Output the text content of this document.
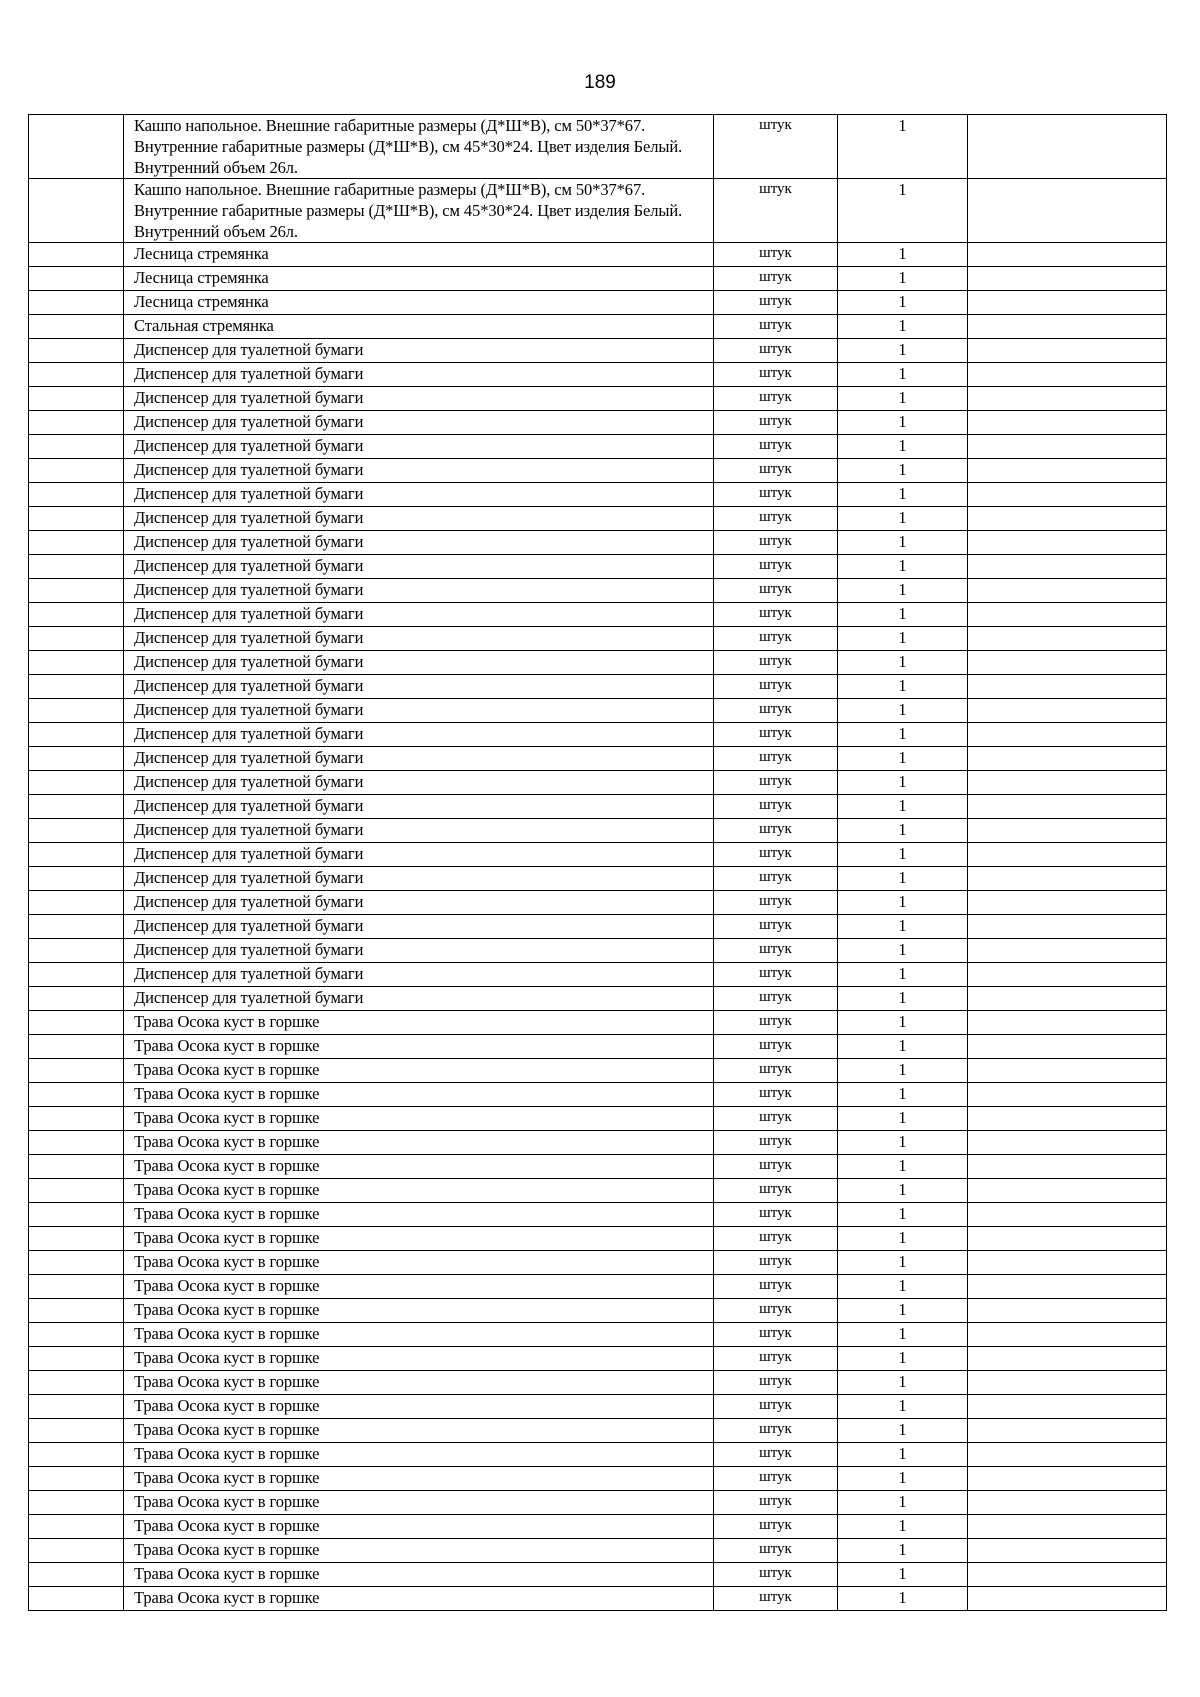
189
	Кашпо напольное. Внешние габаритные размеры (Д*Ш*В), см 50*37*67. Внутренние габаритные размеры (Д*Ш*В), см 45*30*24. Цвет изделия Белый. Внутренний объем 26л.	штук	1	
	Кашпо напольное. Внешние габаритные размеры (Д*Ш*В), см 50*37*67. Внутренние габаритные размеры (Д*Ш*В), см 45*30*24. Цвет изделия Белый. Внутренний объем 26л.	штук	1	
	Лесница стремянка	штук	1	
	Лесница стремянка	штук	1	
	Лесница стремянка	штук	1	
	Стальная стремянка	штук	1	
	Диспенсер для туалетной бумаги	штук	1	
	Диспенсер для туалетной бумаги	штук	1	
	Диспенсер для туалетной бумаги	штук	1	
	Диспенсер для туалетной бумаги	штук	1	
	Диспенсер для туалетной бумаги	штук	1	
	Диспенсер для туалетной бумаги	штук	1	
	Диспенсер для туалетной бумаги	штук	1	
	Диспенсер для туалетной бумаги	штук	1	
	Диспенсер для туалетной бумаги	штук	1	
	Диспенсер для туалетной бумаги	штук	1	
	Диспенсер для туалетной бумаги	штук	1	
	Диспенсер для туалетной бумаги	штук	1	
	Диспенсер для туалетной бумаги	штук	1	
	Диспенсер для туалетной бумаги	штук	1	
	Диспенсер для туалетной бумаги	штук	1	
	Диспенсер для туалетной бумаги	штук	1	
	Диспенсер для туалетной бумаги	штук	1	
	Диспенсер для туалетной бумаги	штук	1	
	Диспенсер для туалетной бумаги	штук	1	
	Диспенсер для туалетной бумаги	штук	1	
	Диспенсер для туалетной бумаги	штук	1	
	Диспенсер для туалетной бумаги	штук	1	
	Диспенсер для туалетной бумаги	штук	1	
	Диспенсер для туалетной бумаги	штук	1	
	Диспенсер для туалетной бумаги	штук	1	
	Диспенсер для туалетной бумаги	штук	1	
	Диспенсер для туалетной бумаги	штук	1	
	Диспенсер для туалетной бумаги	штук	1	
	Трава Осока куст в горшке	штук	1	
	Трава Осока куст в горшке	штук	1	
	Трава Осока куст в горшке	штук	1	
	Трава Осока куст в горшке	штук	1	
	Трава Осока куст в горшке	штук	1	
	Трава Осока куст в горшке	штук	1	
	Трава Осока куст в горшке	штук	1	
	Трава Осока куст в горшке	штук	1	
	Трава Осока куст в горшке	штук	1	
	Трава Осока куст в горшке	штук	1	
	Трава Осока куст в горшке	штук	1	
	Трава Осока куст в горшке	штук	1	
	Трава Осока куст в горшке	штук	1	
	Трава Осока куст в горшке	штук	1	
	Трава Осока куст в горшке	штук	1	
	Трава Осока куст в горшке	штук	1	
	Трава Осока куст в горшке	штук	1	
	Трава Осока куст в горшке	штук	1	
	Трава Осока куст в горшке	штук	1	
	Трава Осока куст в горшке	штук	1	
	Трава Осока куст в горшке	штук	1	
	Трава Осока куст в горшке	штук	1	
	Трава Осока куст в горшке	штук	1	
	Трава Осока куст в горшке	штук	1	
	Трава Осока куст в горшке	штук	1	
